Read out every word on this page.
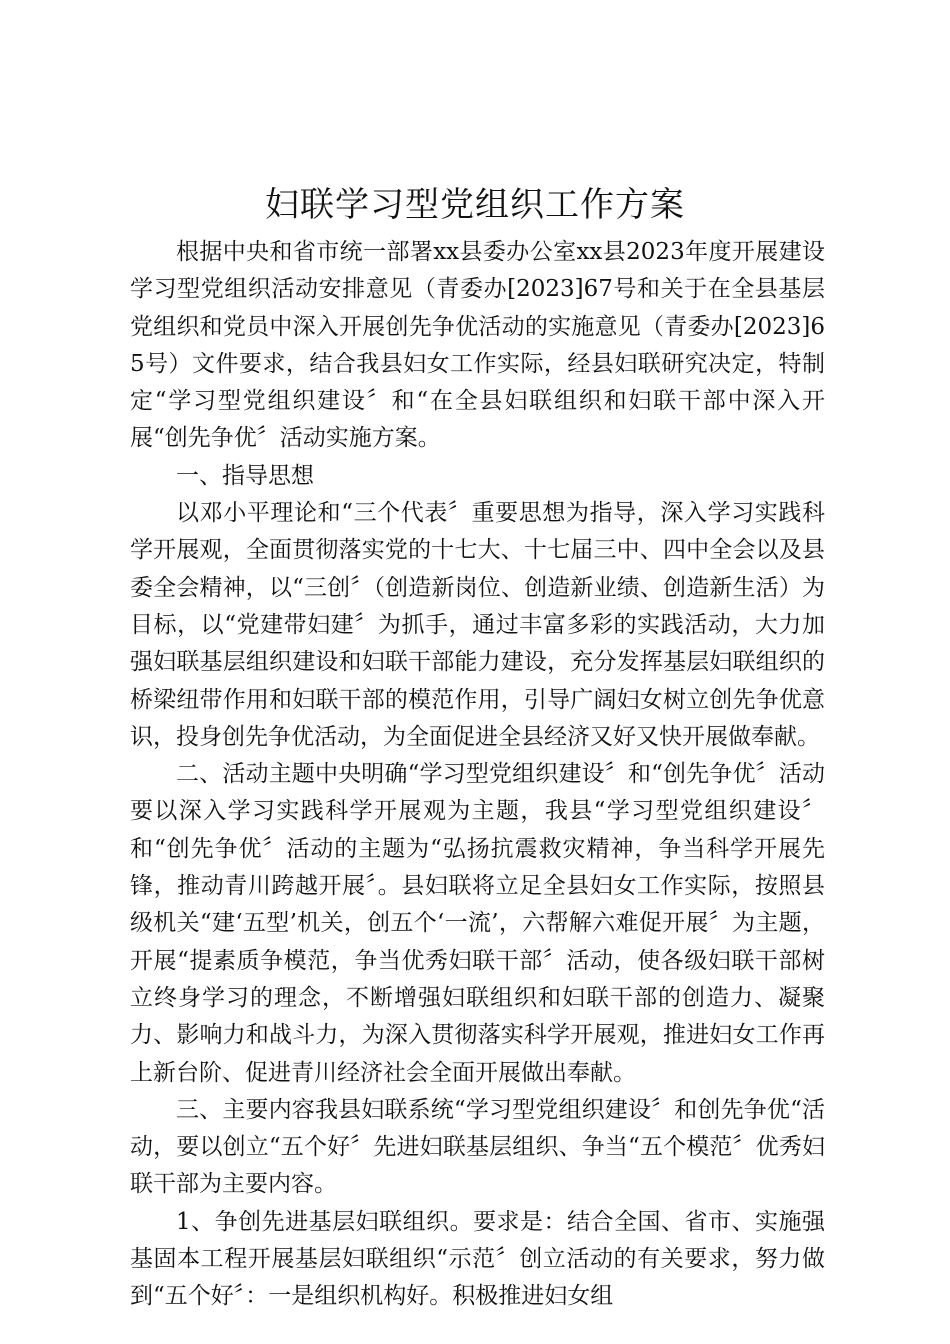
妇联学习型党组织工作方案

根据中央和省市统一部署xx县委办公室xx县2023年度开展建设学习型党组织活动安排意见（青委办[2023]67号和关于在全县基层党组织和党员中深入开展创先争优活动的实施意见（青委办[2023]65号）文件要求，结合我县妇女工作实际，经县妇联研究决定，特制定“学习型党组织建设〞和“在全县妇联组织和妇联干部中深入开展“创先争优〞活动实施方案。

一、指导思想

以邓小平理论和“三个代表〞重要思想为指导，深入学习实践科学开展观，全面贯彻落实党的十七大、十七届三中、四中全会以及县委全会精神，以“三创〞（创造新岗位、创造新业绩、创造新生活）为目标，以“党建带妇建〞为抓手，通过丰富多彩的实践活动，大力加强妇联基层组织建设和妇联干部能力建设，充分发挥基层妇联组织的桥梁纽带作用和妇联干部的模范作用，引导广阔妇女树立创先争优意识，投身创先争优活动，为全面促进全县经济又好又快开展做奉献。

二、活动主题中央明确“学习型党组织建设〞和“创先争优〞活动要以深入学习实践科学开展观为主题，我县“学习型党组织建设〞和“创先争优〞活动的主题为“弘扬抗震救灾精神，争当科学开展先锋，推动青川跨越开展〞。县妇联将立足全县妇女工作实际，按照县级机关“建‘五型’机关，创五个‘一流’，六帮解六难促开展〞为主题，开展“提素质争模范，争当优秀妇联干部〞活动，使各级妇联干部树立终身学习的理念，不断增强妇联组织和妇联干部的创造力、凝聚力、影响力和战斗力，为深入贯彻落实科学开展观，推进妇女工作再上新台阶、促进青川经济社会全面开展做出奉献。

三、主要内容我县妇联系统“学习型党组织建设〞和创先争优“活动，要以创立“五个好〞先进妇联基层组织、争当“五个模范〞优秀妇联干部为主要内容。

1、争创先进基层妇联组织。要求是：结合全国、省市、实施强基固本工程开展基层妇联组织“示范〞创立活动的有关要求，努力做到“五个好〞：一是组织机构好。积极推进妇女组
